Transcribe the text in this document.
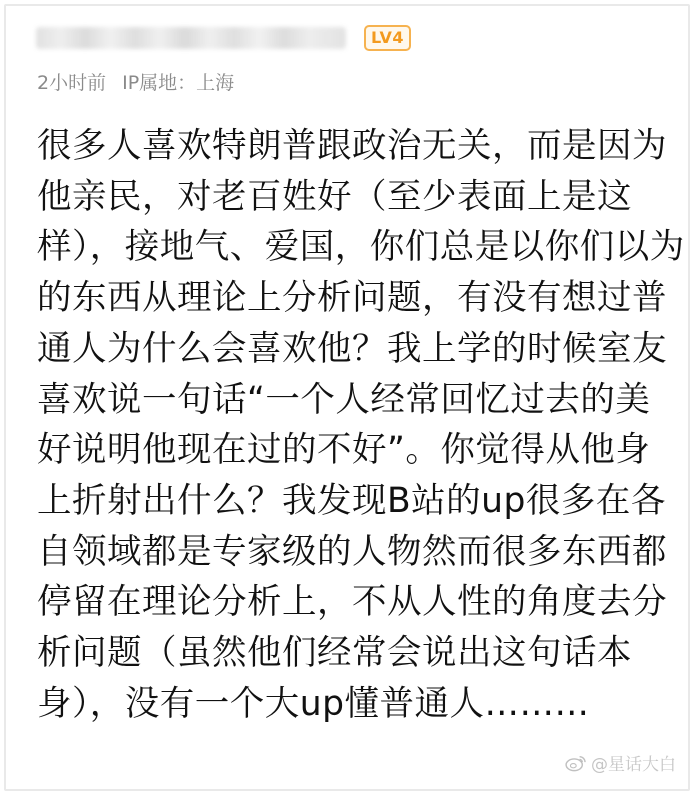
LV4
2小时前 IP属地：上海
很多人喜欢特朗普跟政治无关，而是因为他亲民，对老百姓好（至少表面上是这样），接地气、爱国，你们总是以你们以为的东西从理论上分析问题，有没有想过普通人为什么会喜欢他？我上学的时候室友喜欢说一句话“一个人经常回忆过去的美好说明他现在过的不好”。你觉得从他身上折射出什么？我发现B站的up很多在各自领域都是专家级的人物然而很多东西都停留在理论分析上，不从人性的角度去分析问题（虽然他们经常会说出这句话本身），没有一个大up懂普通人………
@星话大白
